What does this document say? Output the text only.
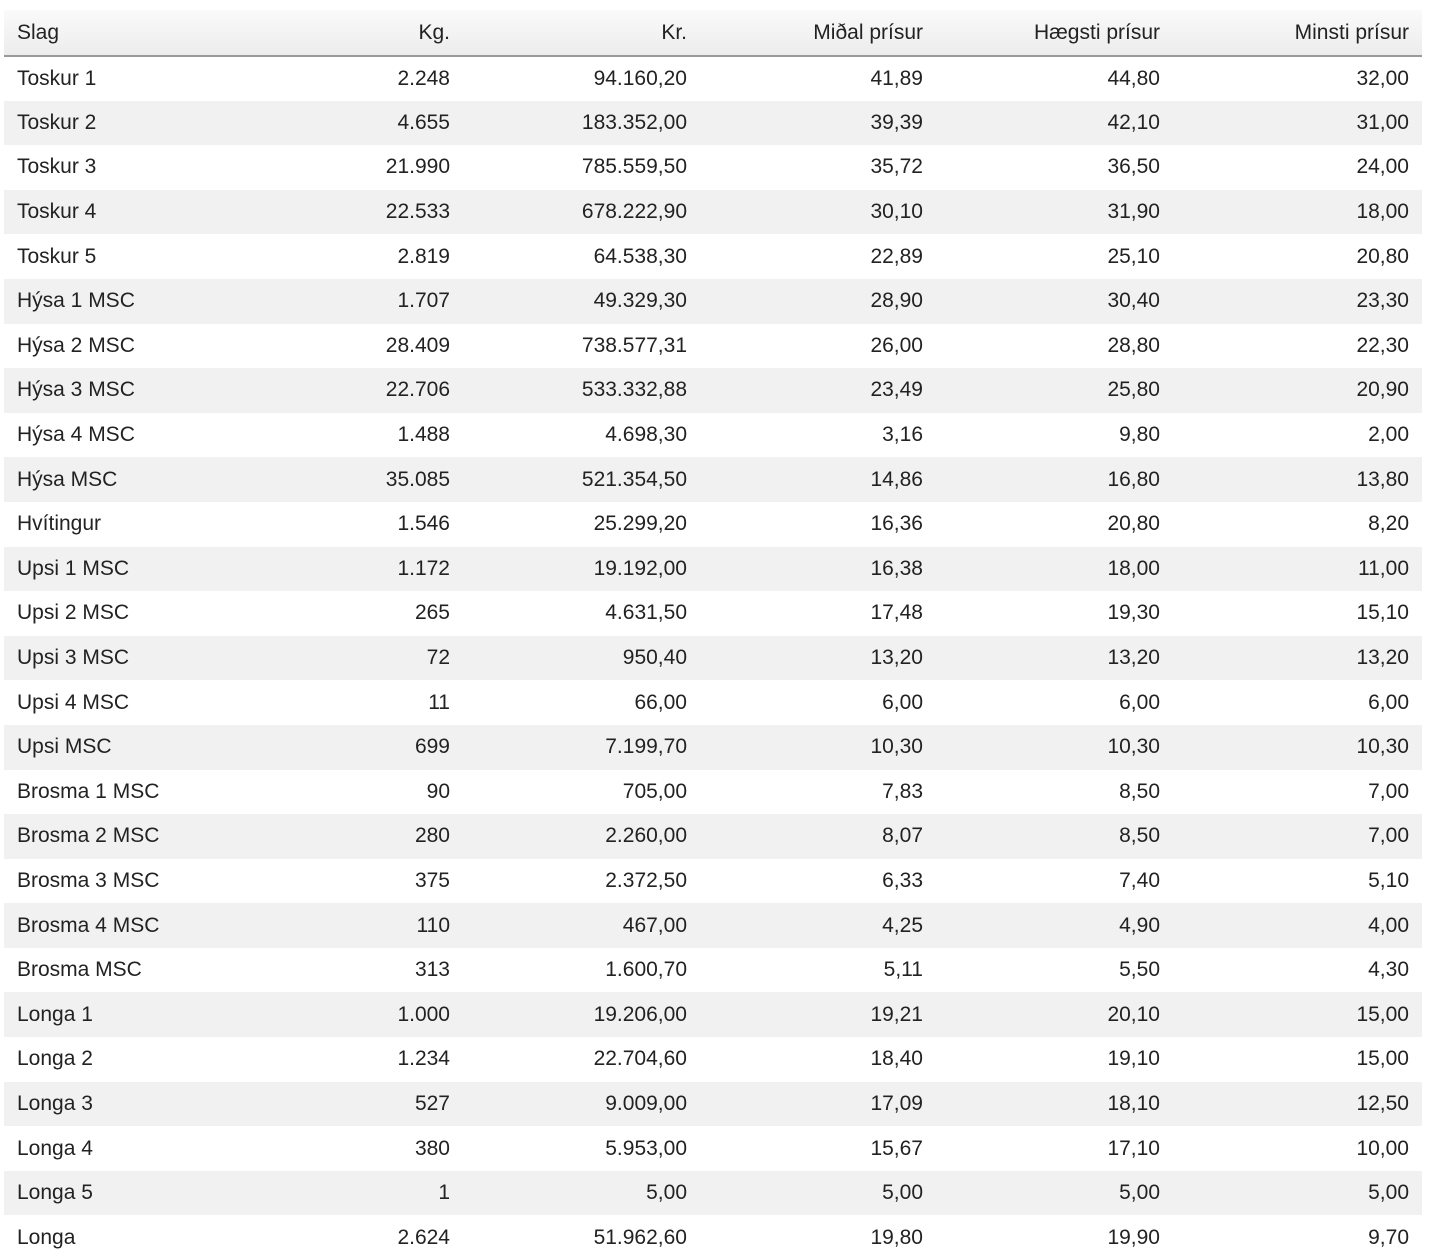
Slag	Kg.	Kr.	Miðal prísur	Hægsti prísur	Minsti prísur
Toskur 1	2.248	94.160,20	41,89	44,80	32,00
Toskur 2	4.655	183.352,00	39,39	42,10	31,00
Toskur 3	21.990	785.559,50	35,72	36,50	24,00
Toskur 4	22.533	678.222,90	30,10	31,90	18,00
Toskur 5	2.819	64.538,30	22,89	25,10	20,80
Hýsa 1 MSC	1.707	49.329,30	28,90	30,40	23,30
Hýsa 2 MSC	28.409	738.577,31	26,00	28,80	22,30
Hýsa 3 MSC	22.706	533.332,88	23,49	25,80	20,90
Hýsa 4 MSC	1.488	4.698,30	3,16	9,80	2,00
Hýsa MSC	35.085	521.354,50	14,86	16,80	13,80
Hvítingur	1.546	25.299,20	16,36	20,80	8,20
Upsi 1 MSC	1.172	19.192,00	16,38	18,00	11,00
Upsi 2 MSC	265	4.631,50	17,48	19,30	15,10
Upsi 3 MSC	72	950,40	13,20	13,20	13,20
Upsi 4 MSC	11	66,00	6,00	6,00	6,00
Upsi MSC	699	7.199,70	10,30	10,30	10,30
Brosma 1 MSC	90	705,00	7,83	8,50	7,00
Brosma 2 MSC	280	2.260,00	8,07	8,50	7,00
Brosma 3 MSC	375	2.372,50	6,33	7,40	5,10
Brosma 4 MSC	110	467,00	4,25	4,90	4,00
Brosma MSC	313	1.600,70	5,11	5,50	4,30
Longa 1	1.000	19.206,00	19,21	20,10	15,00
Longa 2	1.234	22.704,60	18,40	19,10	15,00
Longa 3	527	9.009,00	17,09	18,10	12,50
Longa 4	380	5.953,00	15,67	17,10	10,00
Longa 5	1	5,00	5,00	5,00	5,00
Longa	2.624	51.962,60	19,80	19,90	9,70
